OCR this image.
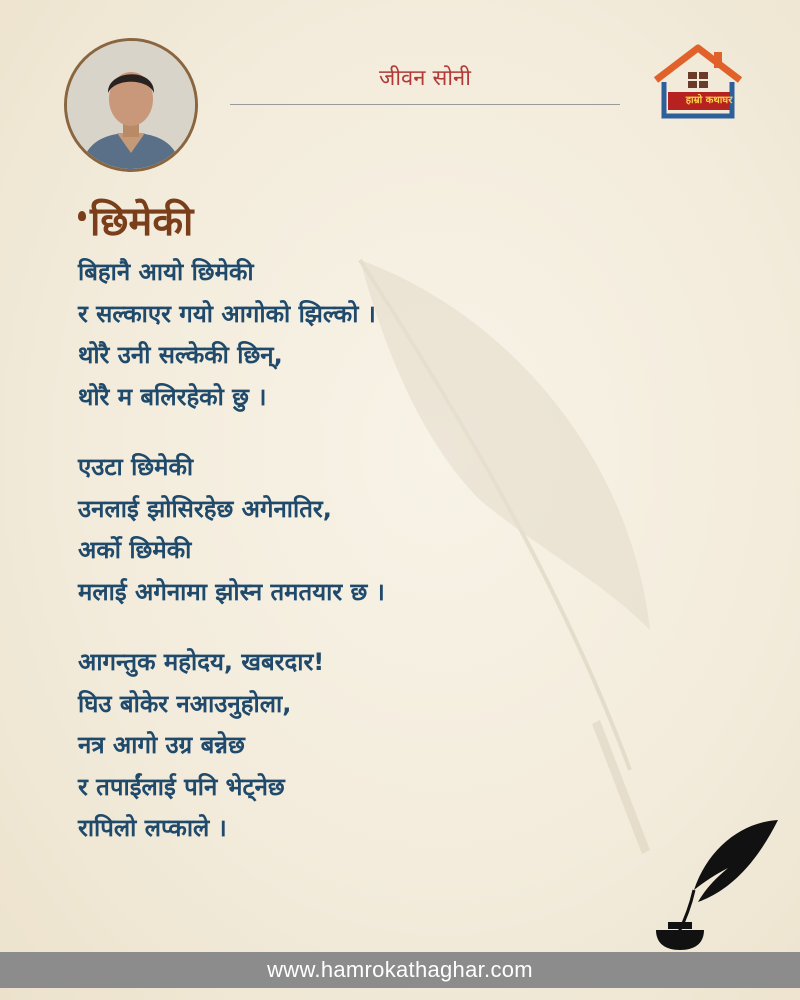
जीवन सोनी
हाम्रो कथाघर
छिमेकी
बिहानै आयो छिमेकी
र सल्काएर गयो आगोको झिल्को ।
थोरै उनी सल्केकी छिन्,
थोरै म बलिरहेको छु ।
एउटा छिमेकी
उनलाई झोसिरहेछ अगेनातिर,
अर्को छिमेकी
मलाई अगेनामा झोस्न तमतयार छ ।
आगन्तुक महोदय, खबरदार!
घिउ बोकेर नआउनुहोला,
नत्र आगो उग्र बन्नेछ
र तपाईंलाई पनि भेट्नेछ
रापिलो लप्काले ।
www.hamrokathaghar.com
